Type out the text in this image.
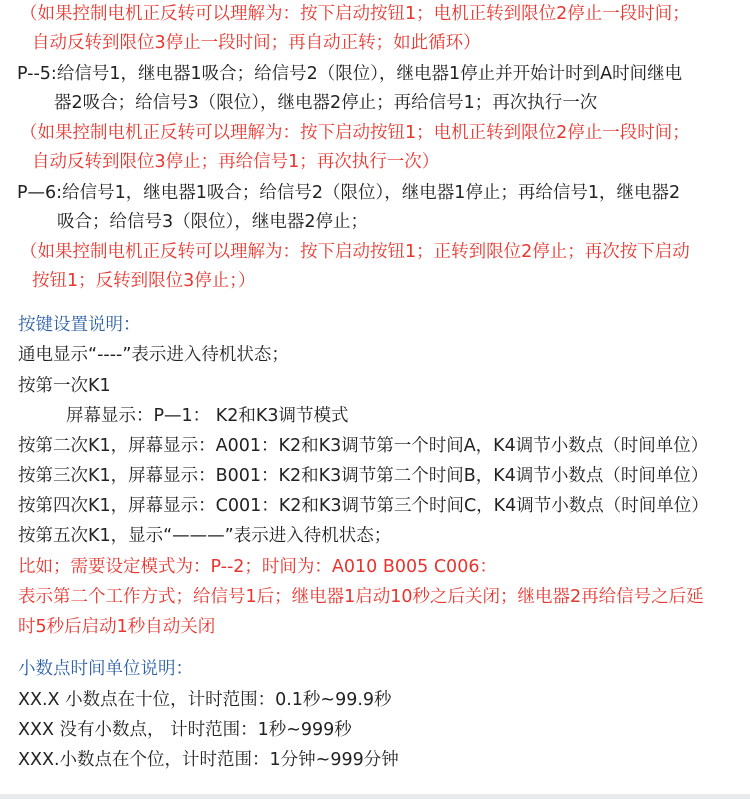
（如果控制电机正反转可以理解为：按下启动按钮1；电机正转到限位2停止一段时间；
自动反转到限位3停止一段时间；再自动正转；如此循环）
P--5:给信号1，继电器1吸合；给信号2（限位），继电器1停止并开始计时到A时间继电
器2吸合；给信号3（限位），继电器2停止；再给信号1；再次执行一次
（如果控制电机正反转可以理解为：按下启动按钮1；电机正转到限位2停止一段时间；
自动反转到限位3停止；再给信号1；再次执行一次）
P—6:给信号1，继电器1吸合；给信号2（限位），继电器1停止；再给信号1，继电器2
吸合；给信号3（限位），继电器2停止；
（如果控制电机正反转可以理解为：按下启动按钮1；正转到限位2停止；再次按下启动
按钮1；反转到限位3停止；）
按键设置说明：
通电显示“----”表示进入待机状态；
按第一次K1
屏幕显示：P—1： K2和K3调节模式
按第二次K1，屏幕显示：A001：K2和K3调节第一个时间A，K4调节小数点（时间单位）
按第三次K1，屏幕显示：B001：K2和K3调节第二个时间B，K4调节小数点（时间单位）
按第四次K1，屏幕显示：C001：K2和K3调节第三个时间C，K4调节小数点（时间单位）
按第五次K1，显示“———”表示进入待机状态；
比如；需要设定模式为：P--2；时间为：A010 B005 C006：
表示第二个工作方式；给信号1后；继电器1启动10秒之后关闭；继电器2再给信号之后延
时5秒后启动1秒自动关闭
小数点时间单位说明：
XX.X 小数点在十位，计时范围：0.1秒~99.9秒
XXX 没有小数点， 计时范围：1秒~999秒
XXX.小数点在个位，计时范围：1分钟~999分钟
